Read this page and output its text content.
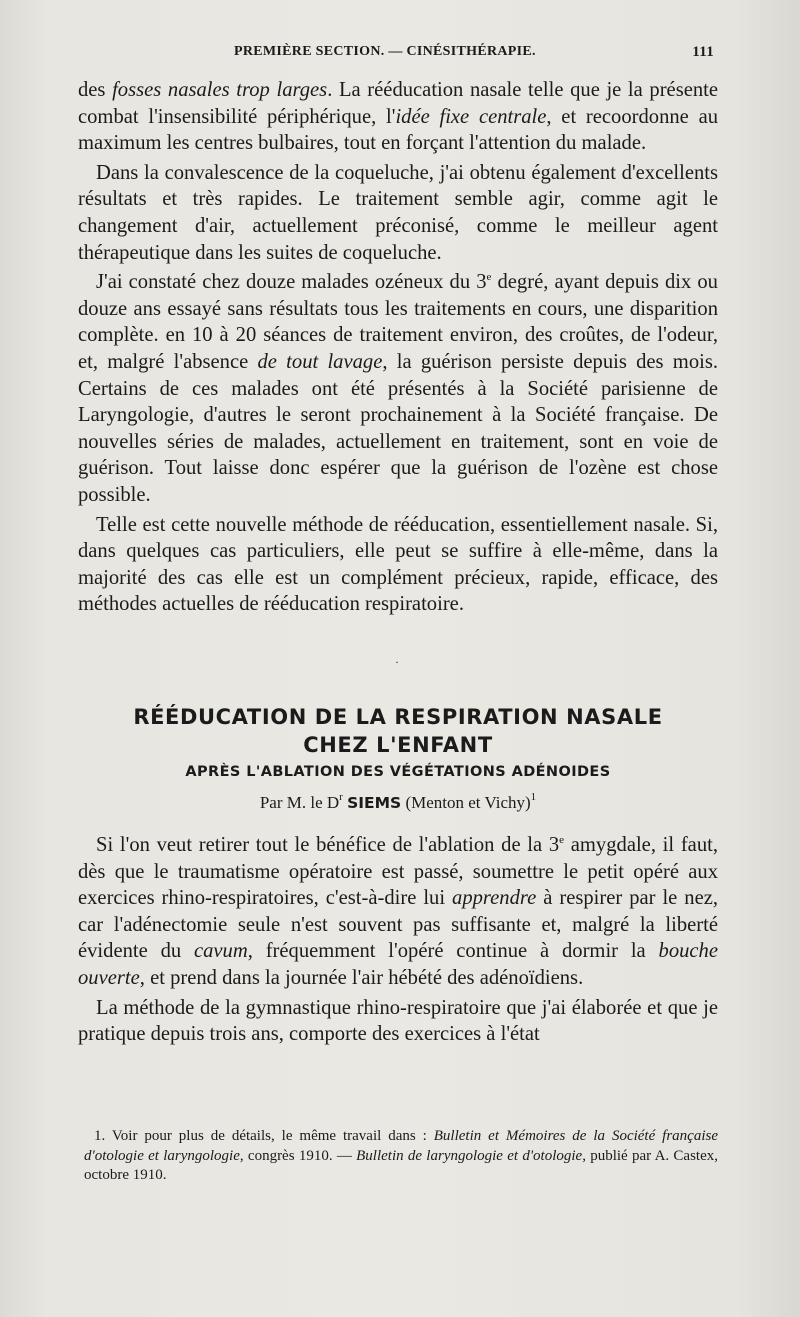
PREMIÈRE SECTION. — CINÉSITHÉRAPIE.	111

des fosses nasales trop larges. La rééducation nasale telle que je la présente combat l'insensibilité périphérique, l'idée fixe centrale, et recoordonne au maximum les centres bulbaires, tout en forçant l'attention du malade.

Dans la convalescence de la coqueluche, j'ai obtenu également d'excellents résultats et très rapides. Le traitement semble agir, comme agit le changement d'air, actuellement préconisé, comme le meilleur agent thérapeutique dans les suites de coqueluche.

J'ai constaté chez douze malades ozéneux du 3e degré, ayant depuis dix ou douze ans essayé sans résultats tous les traitements en cours, une disparition complète. en 10 à 20 séances de traitement environ, des croûtes, de l'odeur, et, malgré l'absence de tout lavage, la guérison persiste depuis des mois. Certains de ces malades ont été présentés à la Société parisienne de Laryngologie, d'autres le seront prochainement à la Société française. De nouvelles séries de malades, actuellement en traitement, sont en voie de guérison. Tout laisse donc espérer que la guérison de l'ozène est chose possible.

Telle est cette nouvelle méthode de rééducation, essentiellement nasale. Si, dans quelques cas particuliers, elle peut se suffire à elle-même, dans la majorité des cas elle est un complément précieux, rapide, efficace, des méthodes actuelles de rééducation respiratoire.

·
RÉÉDUCATION DE LA RESPIRATION NASALE
CHEZ L'ENFANT
APRÈS L'ABLATION DES VÉGÉTATIONS ADÉNOIDES
Par M. le $D^r$ SIEMS (Menton et Vichy)$^1$

Si l'on veut retirer tout le bénéfice de l'ablation de la 3e amygdale, il faut, dès que le traumatisme opératoire est passé, soumettre le petit opéré aux exercices rhino-respiratoires, c'est-à-dire lui apprendre à respirer par le nez, car l'adénectomie seule n'est souvent pas suffisante et, malgré la liberté évidente du cavum, fréquemment l'opéré continue à dormir la bouche ouverte, et prend dans la journée l'air hébété des adénoïdiens.

La méthode de la gymnastique rhino-respiratoire que j'ai élaborée et que je pratique depuis trois ans, comporte des exercices à l'état

1. Voir pour plus de détails, le même travail dans : Bulletin et Mémoires de la Société française d'otologie et laryngologie, congrès 1910. — Bulletin de laryngologie et d'otologie, publié par A. Castex, octobre 1910.
